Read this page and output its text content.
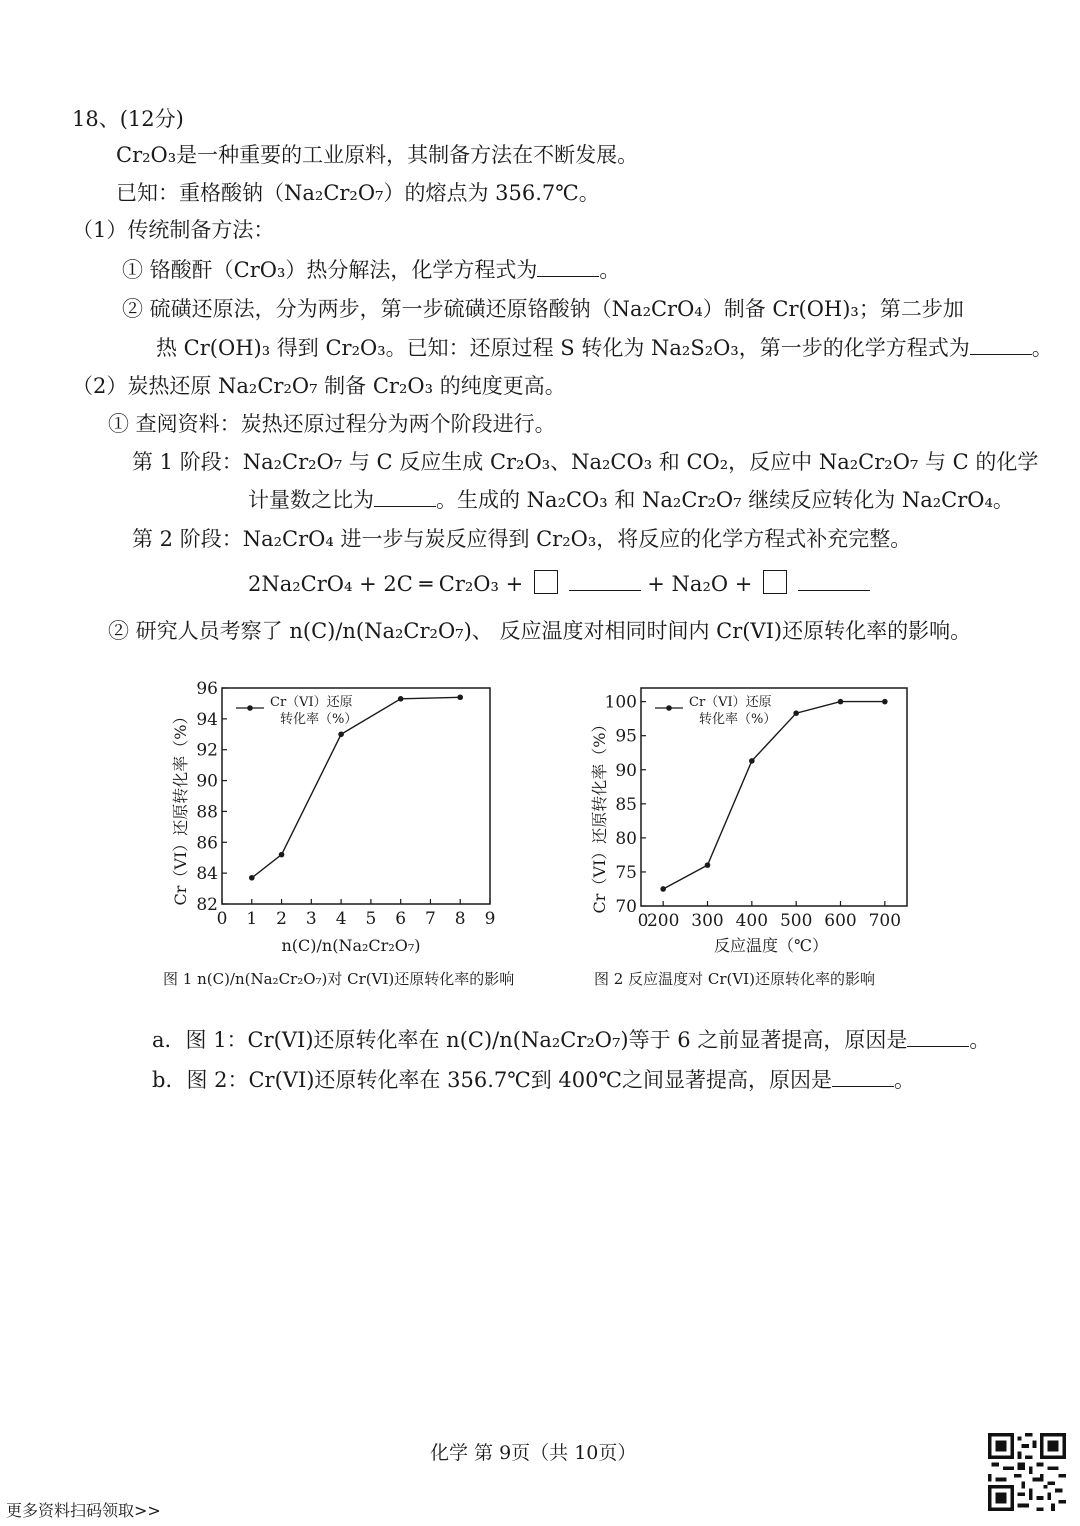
18、(12分)
Cr₂O₃是一种重要的工业原料，其制备方法在不断发展。
已知：重格酸钠（Na₂Cr₂O₇）的熔点为 356.7℃。
（1）传统制备方法：
① 铬酸酐（CrO₃）热分解法，化学方程式为	。
② 硫磺还原法，分为两步，第一步硫磺还原铬酸钠（Na₂CrO₄）制备 Cr(OH)₃；第二步加
热 Cr(OH)₃ 得到 Cr₂O₃。已知：还原过程 S 转化为 Na₂S₂O₃，第一步的化学方程式为	。
（2）炭热还原 Na₂Cr₂O₇ 制备 Cr₂O₃ 的纯度更高。
① 查阅资料：炭热还原过程分为两个阶段进行。
第 1 阶段：Na₂Cr₂O₇ 与 C 反应生成 Cr₂O₃、Na₂CO₃ 和 CO₂，反应中 Na₂Cr₂O₇ 与 C 的化学
计量数之比为	。生成的 Na₂CO₃ 和 Na₂Cr₂O₇ 继续反应转化为 Na₂CrO₄。
第 2 阶段：Na₂CrO₄ 进一步与炭反应得到 Cr₂O₃，将反应的化学方程式补充完整。
2Na₂CrO₄ + 2C ═ Cr₂O₃ +	+ Na₂O +
② 研究人员考察了 n(C)/n(Na₂Cr₂O₇)、 反应温度对相同时间内 Cr(VI)还原转化率的影响。
0 1 2 3 4 5 6 7 8 9
82
84
86
88
90
92
94
96
Cr（VI）还原
转化率（%）
Cr（VI）还原转化率（%）
n(C)/n(Na₂Cr₂O₇)
图 1 n(C)/n(Na₂Cr₂O₇)对 Cr(VI)还原转化率的影响
200 300 400 500 600 700
0
70
75
80
85
90
95
100	Cr（VI）还原
转化率（%）
Cr（VI）还原转化率（%）
反应温度（℃）
图 2 反应温度对 Cr(VI)还原转化率的影响
a．图 1：Cr(VI)还原转化率在 n(C)/n(Na₂Cr₂O₇)等于 6 之前显著提高，原因是	。
b．图 2：Cr(VI)还原转化率在 356.7℃到 400℃之间显著提高，原因是	。
化学 第 9页（共 10页）
更多资料扫码领取>>
